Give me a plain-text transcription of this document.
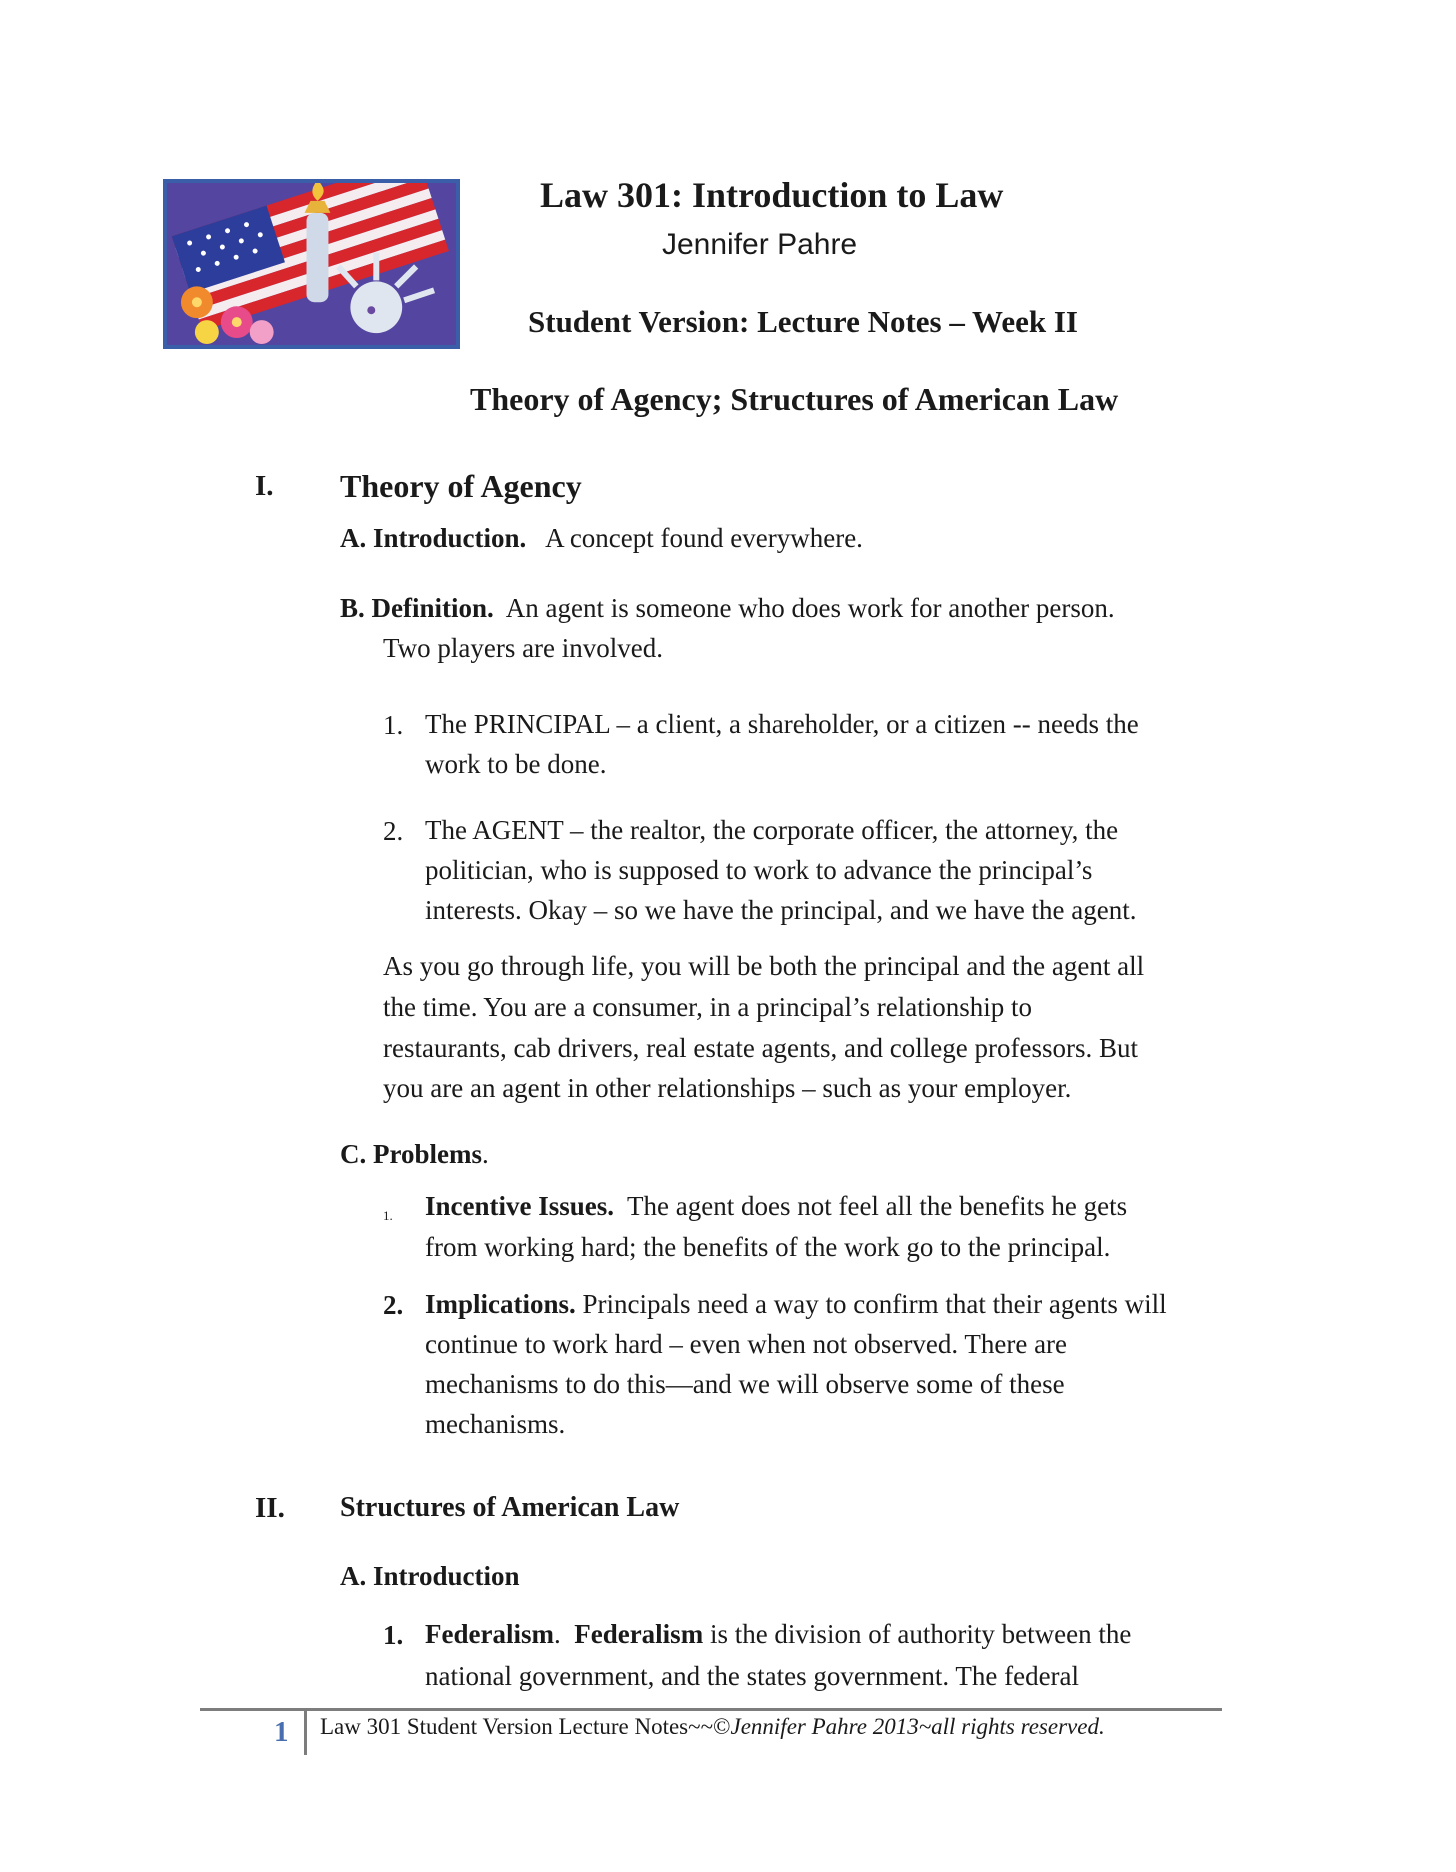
Law 301: Introduction to Law
Jennifer Pahre
Student Version: Lecture Notes – Week II
Theory of Agency; Structures of American Law
I. Theory of Agency
A. Introduction. A concept found everywhere.
B. Definition. An agent is someone who does work for another person.
Two players are involved.
1. The PRINCIPAL – a client, a shareholder, or a citizen -- needs the
work to be done.
2. The AGENT – the realtor, the corporate officer, the attorney, the
politician, who is supposed to work to advance the principal’s
interests. Okay – so we have the principal, and we have the agent.
As you go through life, you will be both the principal and the agent all
the time. You are a consumer, in a principal’s relationship to
restaurants, cab drivers, real estate agents, and college professors. But
you are an agent in other relationships – such as your employer.
C. Problems.
1. Incentive Issues. The agent does not feel all the benefits he gets
from working hard; the benefits of the work go to the principal.
2. Implications. Principals need a way to confirm that their agents will
continue to work hard – even when not observed. There are
mechanisms to do this—and we will observe some of these
mechanisms.
II. Structures of American Law
A. Introduction
1. Federalism. Federalism is the division of authority between the
national government, and the states government. The federal
1 Law 301 Student Version Lecture Notes~~©Jennifer Pahre 2013~all rights reserved.
